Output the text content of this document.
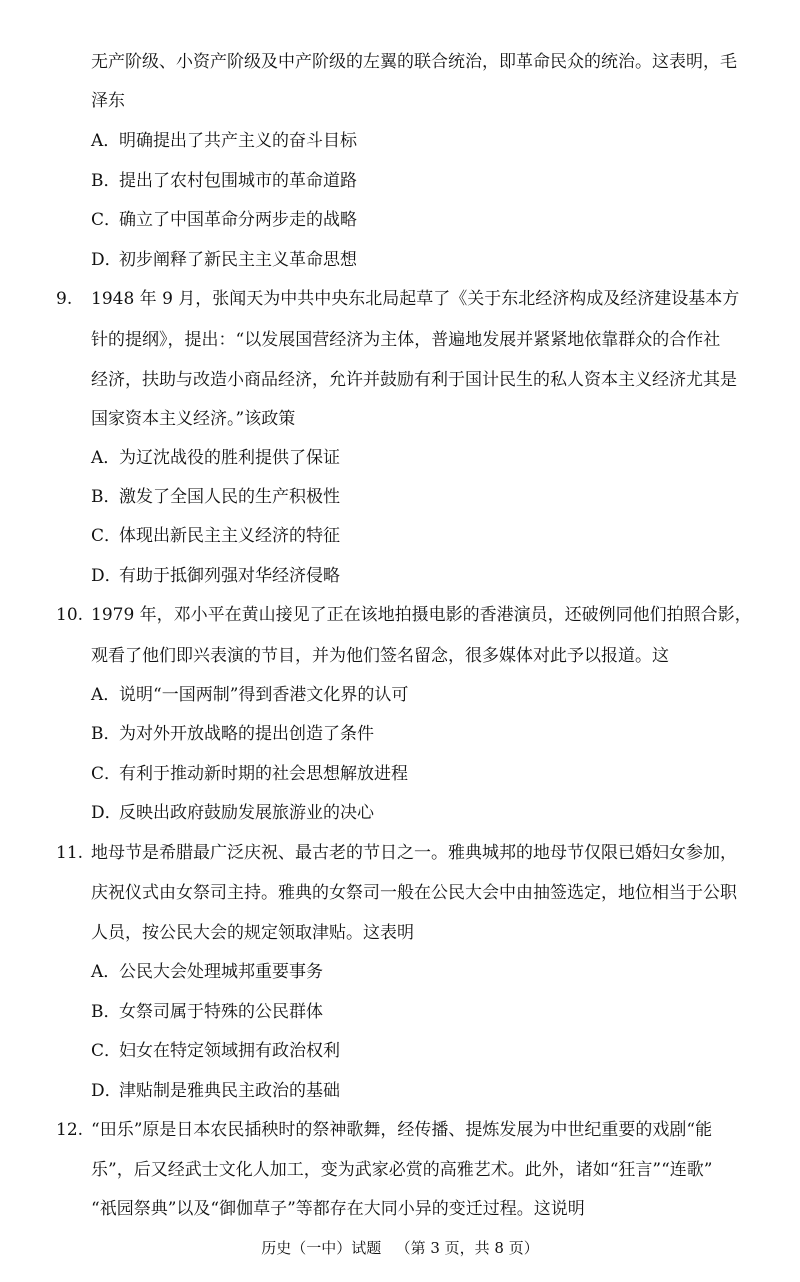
无产阶级、小资产阶级及中产阶级的左翼的联合统治，即革命民众的统治。这表明，毛
泽东
A．明确提出了共产主义的奋斗目标
B．提出了农村包围城市的革命道路
C．确立了中国革命分两步走的战略
D．初步阐释了新民主主义革命思想
9. 1948 年 9 月，张闻天为中共中央东北局起草了《关于东北经济构成及经济建设基本方
针的提纲》，提出：“以发展国营经济为主体，普遍地发展并紧紧地依靠群众的合作社
经济，扶助与改造小商品经济，允许并鼓励有利于国计民生的私人资本主义经济尤其是
国家资本主义经济。”该政策
A．为辽沈战役的胜利提供了保证
B．激发了全国人民的生产积极性
C．体现出新民主主义经济的特征
D．有助于抵御列强对华经济侵略
10. 1979 年，邓小平在黄山接见了正在该地拍摄电影的香港演员，还破例同他们拍照合影，
观看了他们即兴表演的节目，并为他们签名留念，很多媒体对此予以报道。这
A．说明“一国两制”得到香港文化界的认可
B．为对外开放战略的提出创造了条件
C．有利于推动新时期的社会思想解放进程
D．反映出政府鼓励发展旅游业的决心
11. 地母节是希腊最广泛庆祝、最古老的节日之一。雅典城邦的地母节仅限已婚妇女参加，
庆祝仪式由女祭司主持。雅典的女祭司一般在公民大会中由抽签选定，地位相当于公职
人员，按公民大会的规定领取津贴。这表明
A．公民大会处理城邦重要事务
B．女祭司属于特殊的公民群体
C．妇女在特定领域拥有政治权利
D．津贴制是雅典民主政治的基础
12. “田乐”原是日本农民插秧时的祭神歌舞，经传播、提炼发展为中世纪重要的戏剧“能
乐”，后又经武士文化人加工，变为武家必赏的高雅艺术。此外，诸如“狂言”“连歌”
“祇园祭典”以及“御伽草子”等都存在大同小异的变迁过程。这说明
历史（一中）试题   （第 3 页，共 8 页）
